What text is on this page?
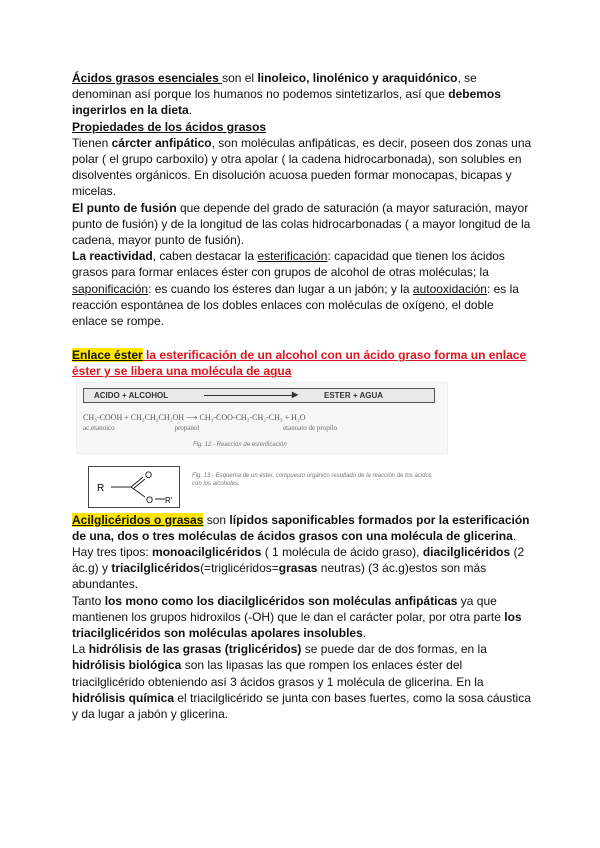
Ácidos grasos esenciales son el linoleico, linolénico y araquidónico, se denominan así porque los humanos no podemos sintetizarlos, así que debemos ingerirlos en la dieta.

Propiedades de los ácidos grasos

Tienen cárcter anfipático, son moléculas anfipáticas, es decir, poseen dos zonas una polar ( el grupo carboxilo) y otra apolar ( la cadena hidrocarbonada), son solubles en disolventes orgánicos. En disolución acuosa pueden formar monocapas, bicapas y micelas.

El punto de fusión que depende del grado de saturación (a mayor saturación, mayor punto de fusión) y de la longitud de las colas hidrocarbonadas ( a mayor longitud de la cadena, mayor punto de fusión).

La reactividad, caben destacar la esterificación: capacidad que tienen los ácidos grasos para formar enlaces éster con grupos de alcohol de otras moléculas; la saponificación: es cuando los ésteres dan lugar a un jabón; y la autooxidación: es la reacción espontánea de los dobles enlaces con moléculas de oxígeno, el doble enlace se rompe.

Enlace éster la esterificación de un alcohol con un ácido graso forma un enlace éster y se libera una molécula de agua

ACIDO + ALCOHOL	▶	ESTER + AGUA
CH₃-COOH + CH₃CH₂CH₂OH ⟶ CH₃-COO-CH₂-CH₂-CH₃ + H₂O
ac.etanoico	propanol	etanoato de propilo
Fig. 12.- Reacción de esterificación
R
O
O R'
Fig. 13.- Esquema de un éster, compuesto orgánico resultado de la reacción de los ácidos con los alcoholes.

Acilglicéridos o grasas son lípidos saponificables formados por la esterificación de una, dos o tres moléculas de ácidos grasos con una molécula de glicerina.

Hay tres tipos: monoacilglicéridos ( 1 molécula de ácido graso), diacilglicéridos (2 ác.g) y triacilglicéridos(=triglicéridos=grasas neutras) (3 ác.g)estos son más abundantes.

Tanto los mono como los diacilglicéridos son moléculas anfipáticas ya que mantienen los grupos hidroxilos (-OH) que le dan el carácter polar, por otra parte los triacilglicéridos son moléculas apolares insolubles.

La hidrólisis de las grasas (triglicéridos) se puede dar de dos formas, en la hidrólisis biológica son las lipasas las que rompen los enlaces éster del triacilglicérido obteniendo así 3 ácidos grasos y 1 molécula de glicerina. En la hidrólisis química el triacilglicérido se junta con bases fuertes, como la sosa cáustica y da lugar a jabón y glicerina.
